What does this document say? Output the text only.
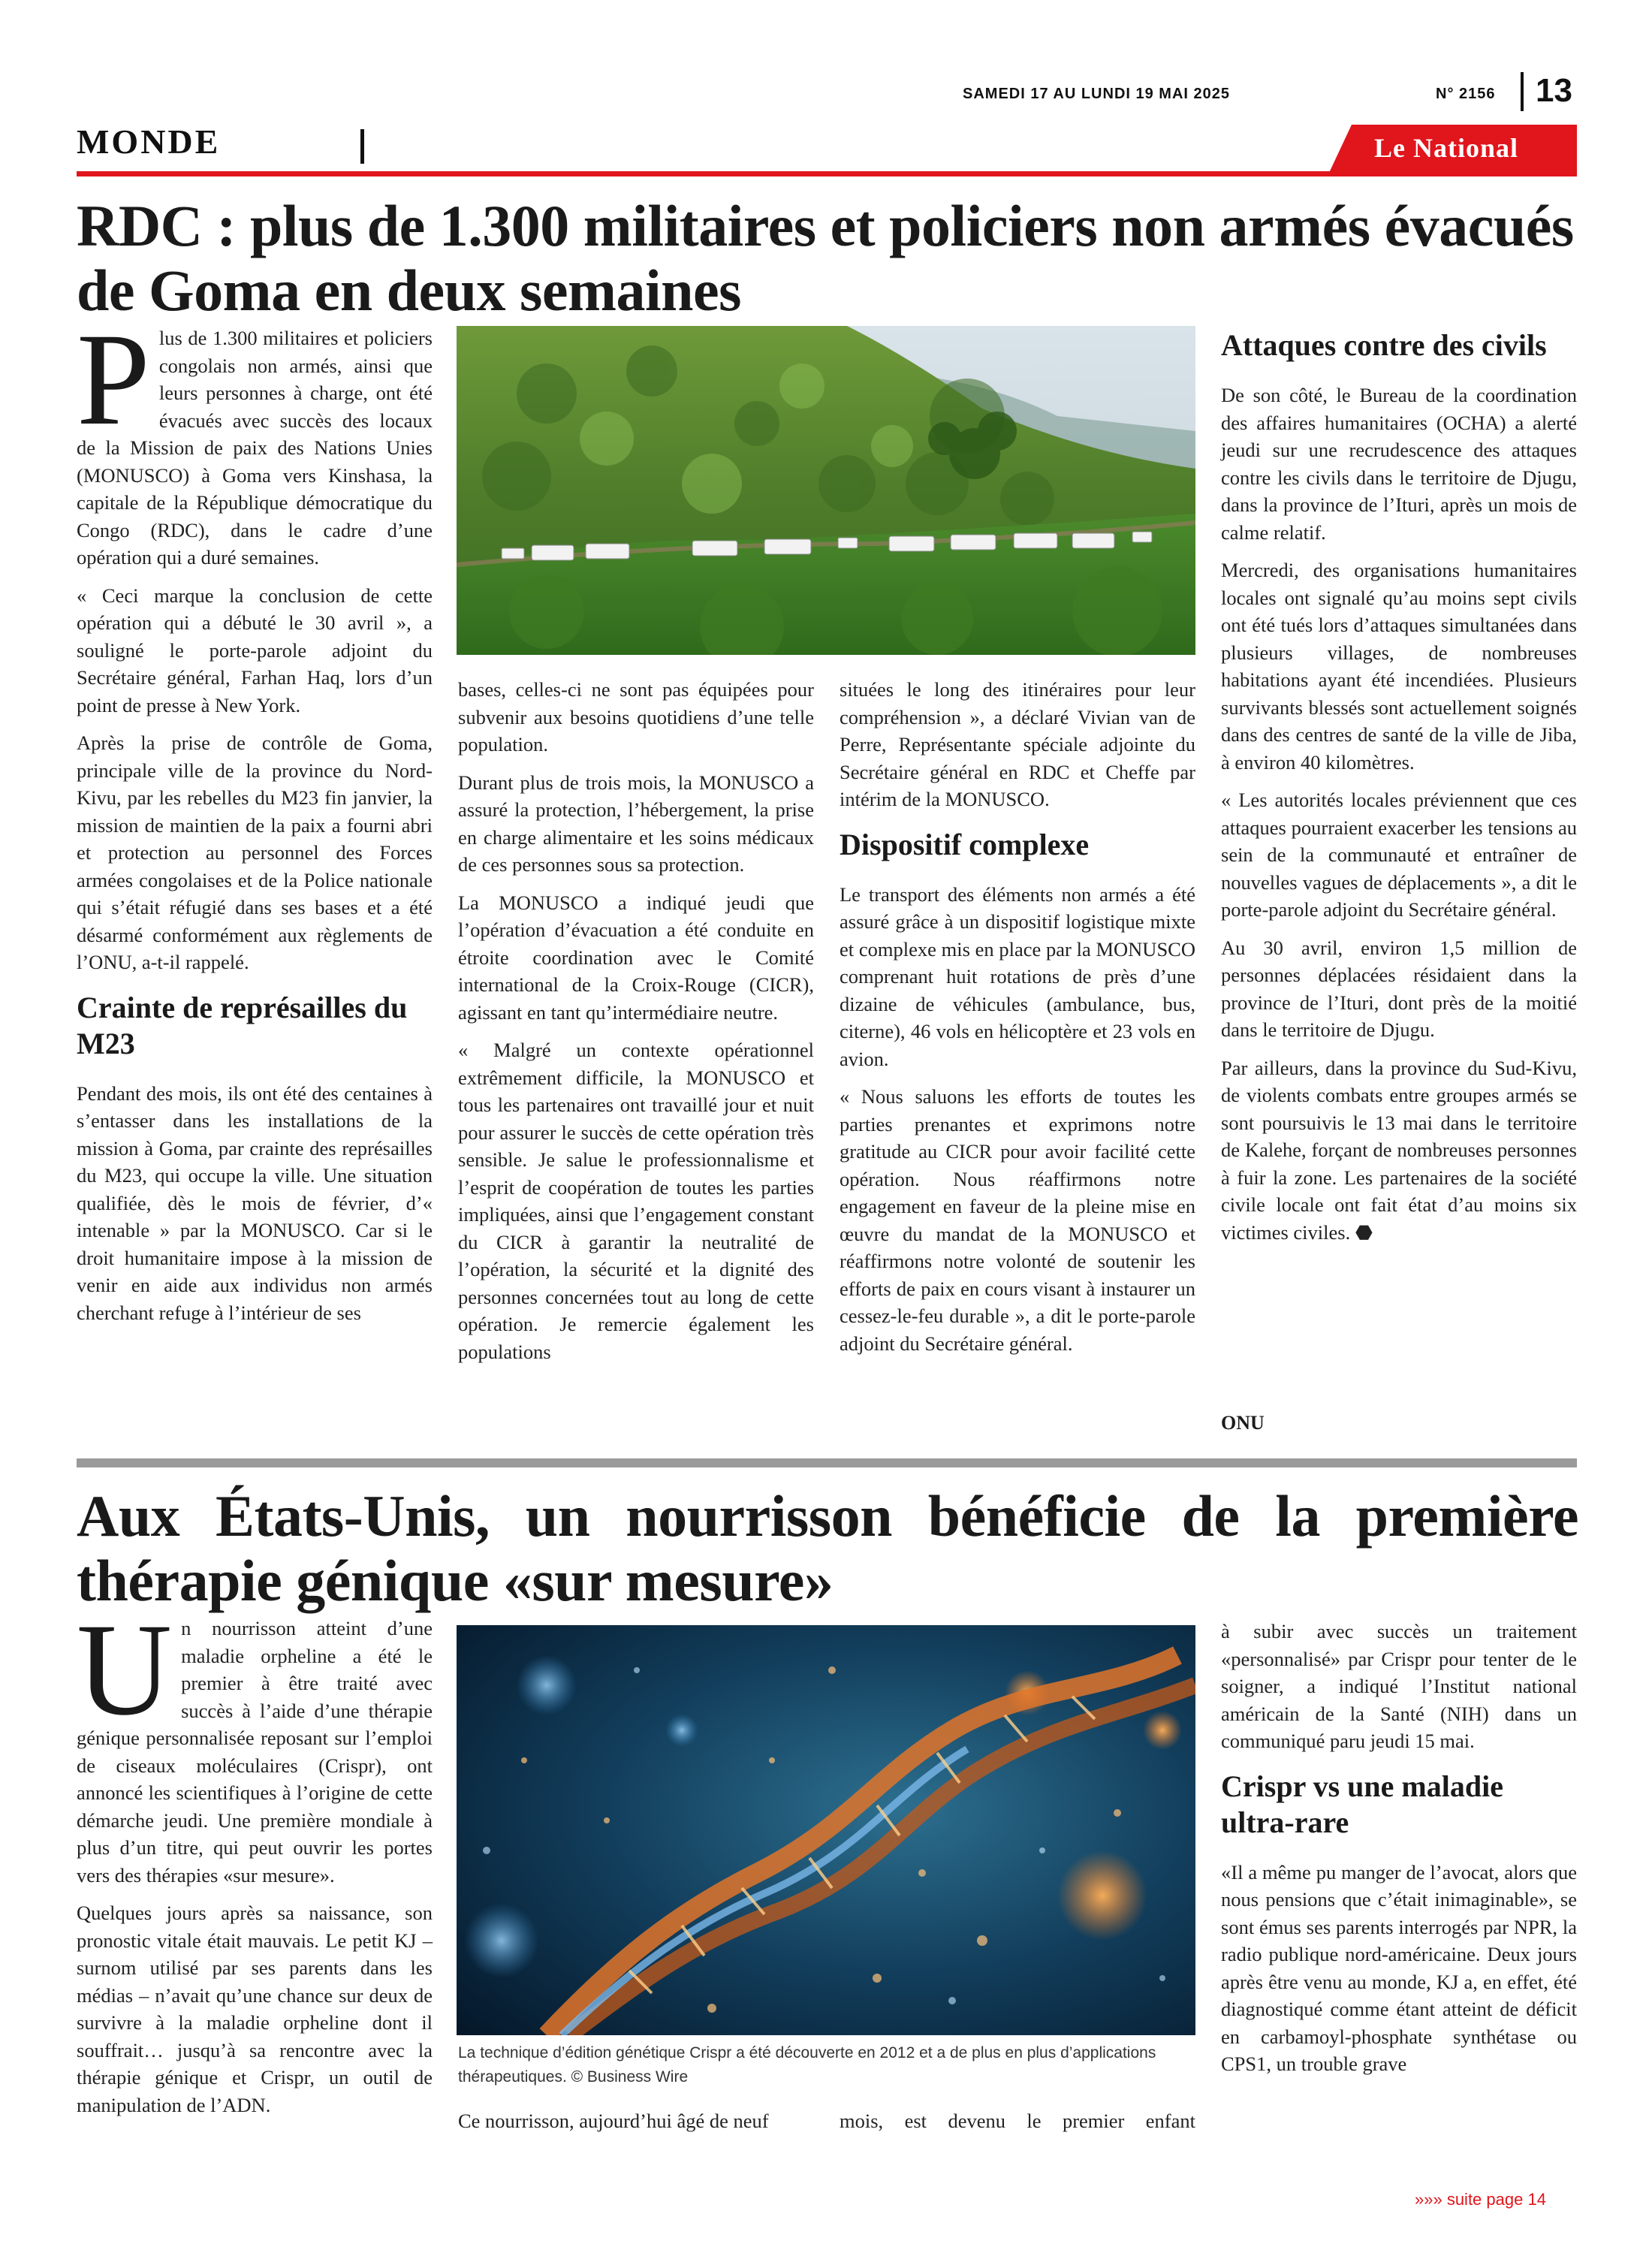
SAMEDI 17 AU LUNDI 19 MAI 2025	N° 2156 13
MONDE	Le National
RDC : plus de 1.300 militaires et policiers non armés évacués de Goma en deux semaines

Plus de 1.300 militaires et policiers congolais non armés, ainsi que leurs personnes à charge, ont été évacués avec succès des locaux de la Mission de paix des Nations Unies (MONUSCO) à Goma vers Kinshasa, la capitale de la République démocratique du Congo (RDC), dans le cadre d’une opération qui a duré semaines.

« Ceci marque la conclusion de cette opération qui a débuté le 30 avril », a souligné le porte-parole adjoint du Secrétaire général, Farhan Haq, lors d’un point de presse à New York.

Après la prise de contrôle de Goma, principale ville de la province du Nord-Kivu, par les rebelles du M23 fin janvier, la mission de maintien de la paix a fourni abri et protection au personnel des Forces armées congolaises et de la Police nationale qui s’était réfugié dans ses bases et a été désarmé conformément aux règlements de l’ONU, a-t-il rappelé.

Crainte de représailles du M23

Pendant des mois, ils ont été des centaines à s’entasser dans les installations de la mission à Goma, par crainte des représailles du M23, qui occupe la ville. Une situation qualifiée, dès le mois de février, d’« intenable » par la MONUSCO. Car si le droit humanitaire impose à la mission de venir en aide aux individus non armés cherchant refuge à l’intérieur de ses

bases, celles-ci ne sont pas équipées pour subvenir aux besoins quotidiens d’une telle population.

Durant plus de trois mois, la MONUSCO a assuré la protection, l’hébergement, la prise en charge alimentaire et les soins médicaux de ces personnes sous sa protection.

La MONUSCO a indiqué jeudi que l’opération d’évacuation a été conduite en étroite coordination avec le Comité international de la Croix-Rouge (CICR), agissant en tant qu’intermédiaire neutre.

« Malgré un contexte opérationnel extrêmement difficile, la MONUSCO et tous les partenaires ont travaillé jour et nuit pour assurer le succès de cette opération très sensible. Je salue le professionnalisme et l’esprit de coopération de toutes les parties impliquées, ainsi que l’engagement constant du CICR à garantir la neutralité de l’opération, la sécurité et la dignité des personnes concernées tout au long de cette opération. Je remercie également les populations

situées le long des itinéraires pour leur compréhension », a déclaré Vivian van de Perre, Représentante spéciale adjointe du Secrétaire général en RDC et Cheffe par intérim de la MONUSCO.

Dispositif complexe

Le transport des éléments non armés a été assuré grâce à un dispositif logistique mixte et complexe mis en place par la MONUSCO comprenant huit rotations de près d’une dizaine de véhicules (ambulance, bus, citerne), 46 vols en hélicoptère et 23 vols en avion.

« Nous saluons les efforts de toutes les parties prenantes et exprimons notre gratitude au CICR pour avoir facilité cette opération. Nous réaffirmons notre engagement en faveur de la pleine mise en œuvre du mandat de la MONUSCO et réaffirmons notre volonté de soutenir les efforts de paix en cours visant à instaurer un cessez-le-feu durable », a dit le porte-parole adjoint du Secrétaire général.

Attaques contre des civils

De son côté, le Bureau de la coordination des affaires humanitaires (OCHA) a alerté jeudi sur une recrudescence des attaques contre les civils dans le territoire de Djugu, dans la province de l’Ituri, après un mois de calme relatif.

Mercredi, des organisations humanitaires locales ont signalé qu’au moins sept civils ont été tués lors d’attaques simultanées dans plusieurs villages, de nombreuses habitations ayant été incendiées. Plusieurs survivants blessés sont actuellement soignés dans des centres de santé de la ville de Jiba, à environ 40 kilomètres.

« Les autorités locales préviennent que ces attaques pourraient exacerber les tensions au sein de la communauté et entraîner de nouvelles vagues de déplacements », a dit le porte-parole adjoint du Secrétaire général.

Au 30 avril, environ 1,5 million de personnes déplacées résidaient dans la province de l’Ituri, dont près de la moitié dans le territoire de Djugu.

Par ailleurs, dans la province du Sud-Kivu, de violents combats entre groupes armés se sont poursuivis le 13 mai dans le territoire de Kalehe, forçant de nombreuses personnes à fuir la zone. Les partenaires de la société civile locale ont fait état d’au moins six victimes civiles. ⬣

ONU
Aux États-Unis, un nourrisson bénéficie de la première thérapie génique «sur mesure»

Un nourrisson atteint d’une maladie orpheline a été le premier à être traité avec succès à l’aide d’une thérapie génique personnalisée reposant sur l’emploi de ciseaux moléculaires (Crispr), ont annoncé les scientifiques à l’origine de cette démarche jeudi. Une première mondiale à plus d’un titre, qui peut ouvrir les portes vers des thérapies «sur mesure».

Quelques jours après sa naissance, son pronostic vitale était mauvais. Le petit KJ – surnom utilisé par ses parents dans les médias – n’avait qu’une chance sur deux de survivre à la maladie orpheline dont il souffrait… jusqu’à sa rencontre avec la thérapie génique et Crispr, un outil de manipulation de l’ADN.

La technique d’édition génétique Crispr a été découverte en 2012 et a de plus en plus d’applications thérapeutiques. © Business Wire

Ce nourrisson, aujourd’hui âgé de neuf	mois, est devenu le premier enfant

à subir avec succès un traitement «personnalisé» par Crispr pour tenter de le soigner, a indiqué l’Institut national américain de la Santé (NIH) dans un communiqué paru jeudi 15 mai.

Crispr vs une maladie ultra-rare

«Il a même pu manger de l’avocat, alors que nous pensions que c’était inimaginable», se sont émus ses parents interrogés par NPR, la radio publique nord-américaine. Deux jours après être venu au monde, KJ a, en effet, été diagnostiqué comme étant atteint de déficit en carbamoyl-phosphate synthétase ou CPS1, un trouble grave

»»» suite page 14
